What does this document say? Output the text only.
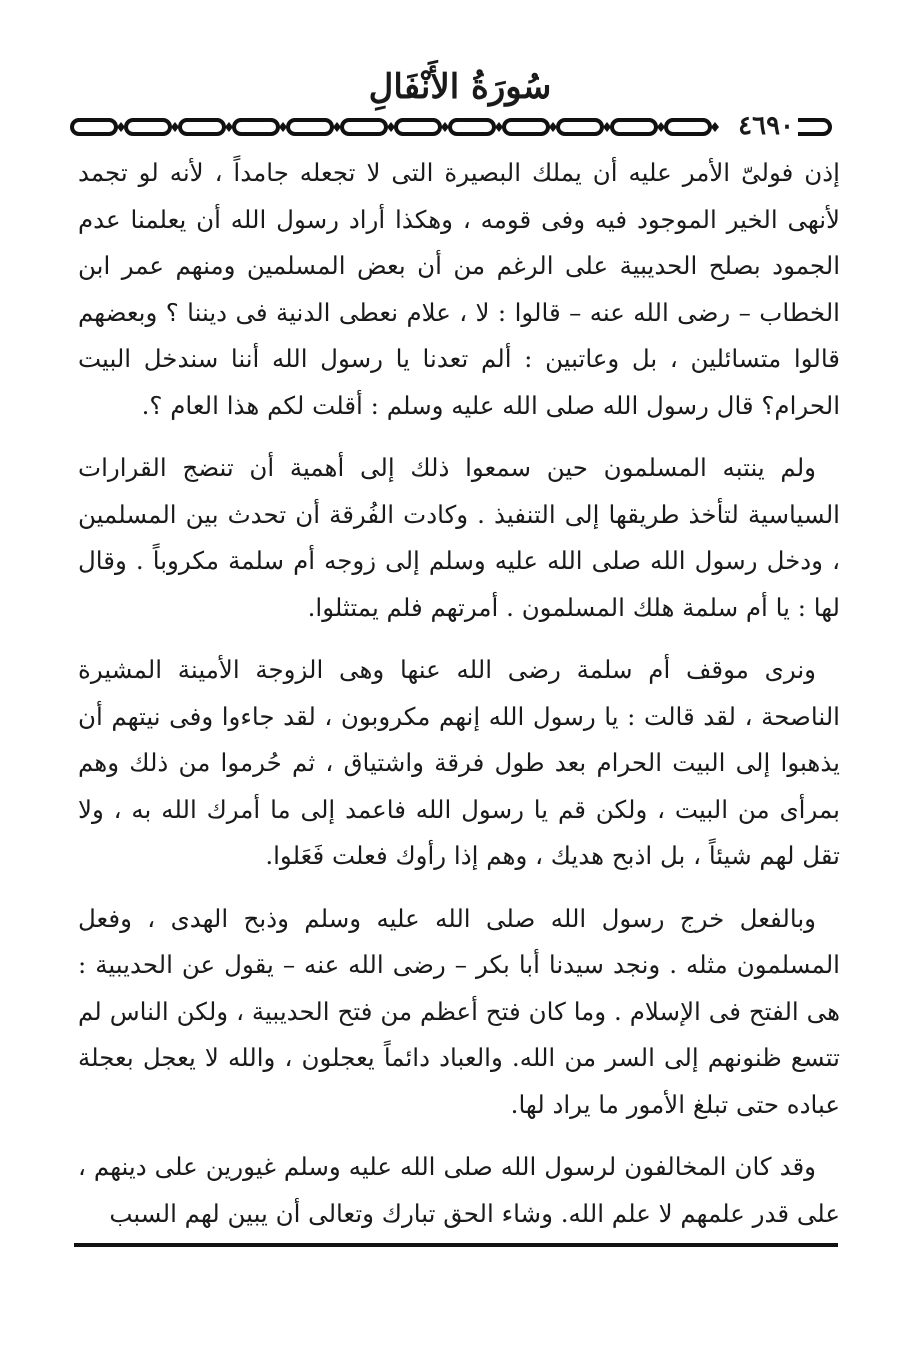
سُورَةُ الأَنْفَالِ
٤٦٩٠

إذن فولىّ الأمر عليه أن يملك البصيرة التى لا تجعله جامداً ، لأنه لو تجمد لأنهى الخير الموجود فيه وفى قومه ، وهكذا أراد رسول الله أن يعلمنا عدم الجمود بصلح الحديبية على الرغم من أن بعض المسلمين ومنهم عمر ابن الخطاب – رضى الله عنه – قالوا : لا ، علام نعطى الدنية فى ديننا ؟ وبعضهم قالوا متسائلين ، بل وعاتبين : ألم تعدنا يا رسول الله أننا سندخل البيت الحرام؟ قال رسول الله صلى الله عليه وسلم : أقلت لكم هذا العام ؟.

ولم ينتبه المسلمون حين سمعوا ذلك إلى أهمية أن تنضج القرارات السياسية لتأخذ طريقها إلى التنفيذ . وكادت الفُرقة أن تحدث بين المسلمين ، ودخل رسول الله صلى الله عليه وسلم إلى زوجه أم سلمة مكروباً . وقال لها : يا أم سلمة هلك المسلمون . أمرتهم فلم يمتثلوا.

ونرى موقف أم سلمة رضى الله عنها وهى الزوجة الأمينة المشيرة الناصحة ، لقد قالت : يا رسول الله إنهم مكروبون ، لقد جاءوا وفى نيتهم أن يذهبوا إلى البيت الحرام بعد طول فرقة واشتياق ، ثم حُرموا من ذلك وهم بمرأى من البيت ، ولكن قم يا رسول الله فاعمد إلى ما أمرك الله به ، ولا تقل لهم شيئاً ، بل اذبح هديك ، وهم إذا رأوك فعلت فَعَلوا.

وبالفعل خرج رسول الله صلى الله عليه وسلم وذبح الهدى ، وفعل المسلمون مثله . ونجد سيدنا أبا بكر – رضى الله عنه – يقول عن الحديبية : هى الفتح فى الإسلام . وما كان فتح أعظم من فتح الحديبية ، ولكن الناس لم تتسع ظنونهم إلى السر من الله. والعباد دائماً يعجلون ، والله لا يعجل بعجلة عباده حتى تبلغ الأمور ما يراد لها.

وقد كان المخالفون لرسول الله صلى الله عليه وسلم غيورين على دينهم ، على قدر علمهم لا علم الله. وشاء الحق تبارك وتعالى أن يبين لهم السبب
